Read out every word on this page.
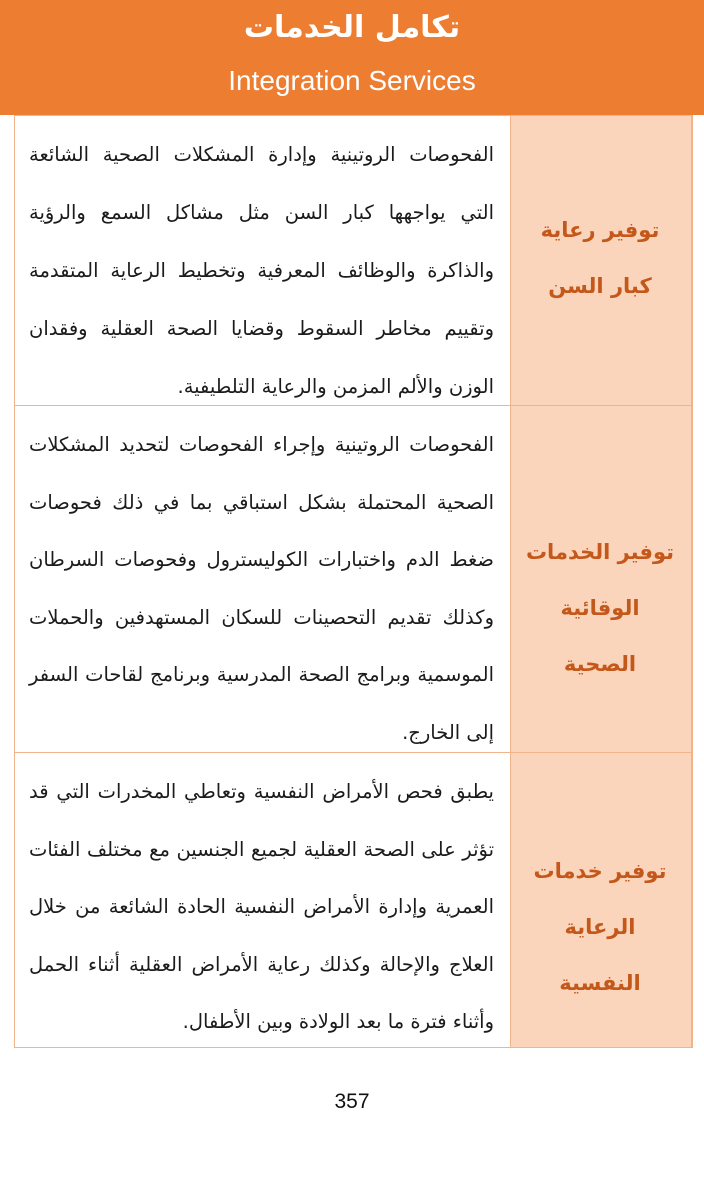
تكامل الخدمات
Integration Services
الفحوصات الروتينية وإدارة المشكلات الصحية الشائعة التي يواجهها كبار السن مثل مشاكل السمع والرؤية والذاكرة والوظائف المعرفية وتخطيط الرعاية المتقدمة وتقييم مخاطر السقوط وقضايا الصحة العقلية وفقدان الوزن والألم المزمن والرعاية التلطيفية.
توفير رعاية كبار السن
الفحوصات الروتينية وإجراء الفحوصات لتحديد المشكلات الصحية المحتملة بشكل استباقي بما في ذلك فحوصات ضغط الدم واختبارات الكوليسترول وفحوصات السرطان وكذلك تقديم التحصينات للسكان المستهدفين والحملات الموسمية وبرامج الصحة المدرسية وبرنامج لقاحات السفر إلى الخارج.
توفير الخدمات الوقائية الصحية
يطبق فحص الأمراض النفسية وتعاطي المخدرات التي قد تؤثر على الصحة العقلية لجميع الجنسين مع مختلف الفئات العمرية وإدارة الأمراض النفسية الحادة الشائعة من خلال العلاج والإحالة وكذلك رعاية الأمراض العقلية أثناء الحمل وأثناء فترة ما بعد الولادة وبين الأطفال.
توفير خدمات الرعاية النفسية
357
